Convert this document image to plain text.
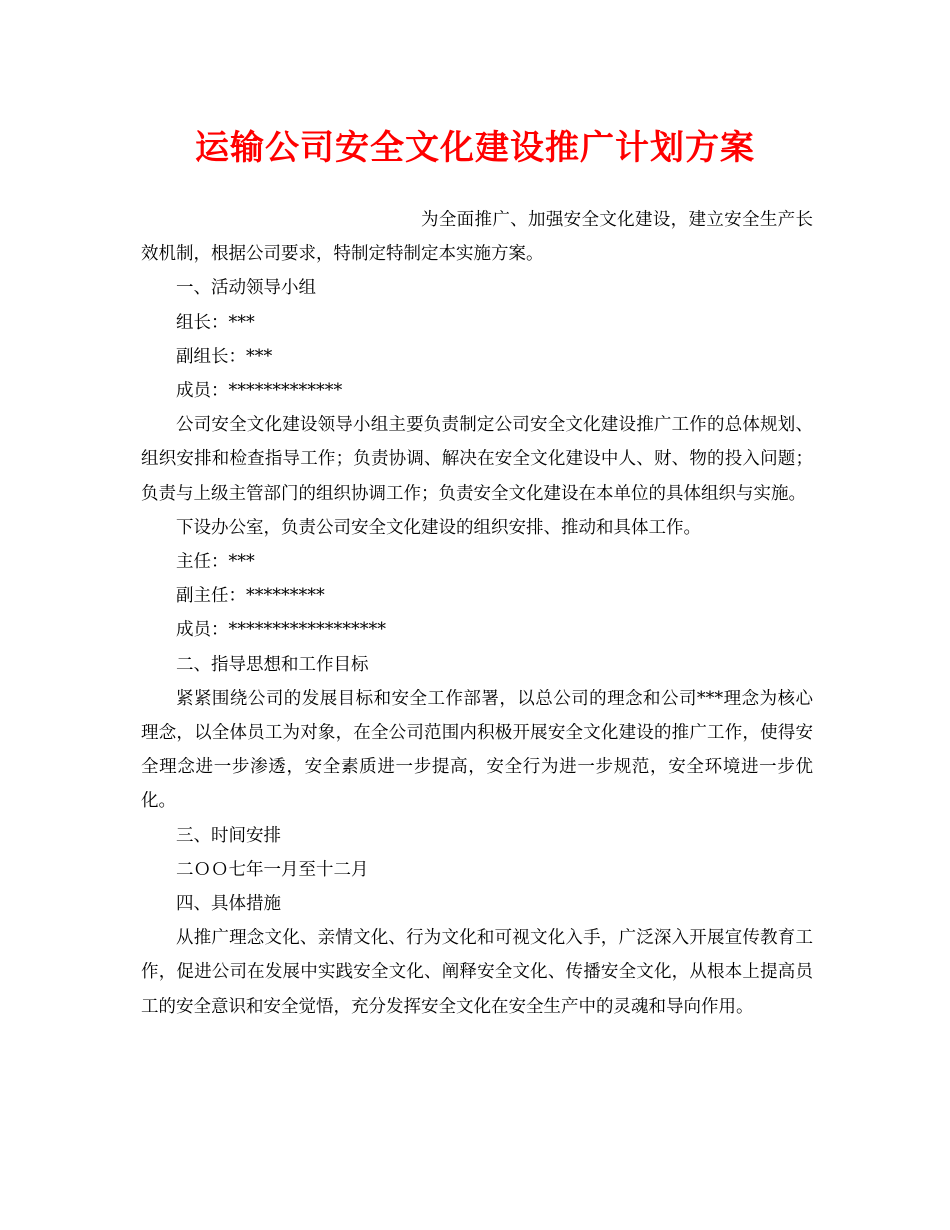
运输公司安全文化建设推广计划方案

为全面推广、加强安全文化建设，建立安全生产长效机制，根据公司要求，特制定特制定本实施方案。

一、活动领导小组

组长：***

副组长：***

成员：*************

公司安全文化建设领导小组主要负责制定公司安全文化建设推广工作的总体规划、组织安排和检查指导工作；负责协调、解决在安全文化建设中人、财、物的投入问题；负责与上级主管部门的组织协调工作；负责安全文化建设在本单位的具体组织与实施。

下设办公室，负责公司安全文化建设的组织安排、推动和具体工作。

主任：***

副主任：*********

成员：******************

二、指导思想和工作目标

紧紧围绕公司的发展目标和安全工作部署，以总公司的理念和公司***理念为核心理念，以全体员工为对象，在全公司范围内积极开展安全文化建设的推广工作，使得安全理念进一步渗透，安全素质进一步提高，安全行为进一步规范，安全环境进一步优化。

三、时间安排

二ＯＯ七年一月至十二月

四、具体措施

从推广理念文化、亲情文化、行为文化和可视文化入手，广泛深入开展宣传教育工作，促进公司在发展中实践安全文化、阐释安全文化、传播安全文化，从根本上提高员工的安全意识和安全觉悟，充分发挥安全文化在安全生产中的灵魂和导向作用。
